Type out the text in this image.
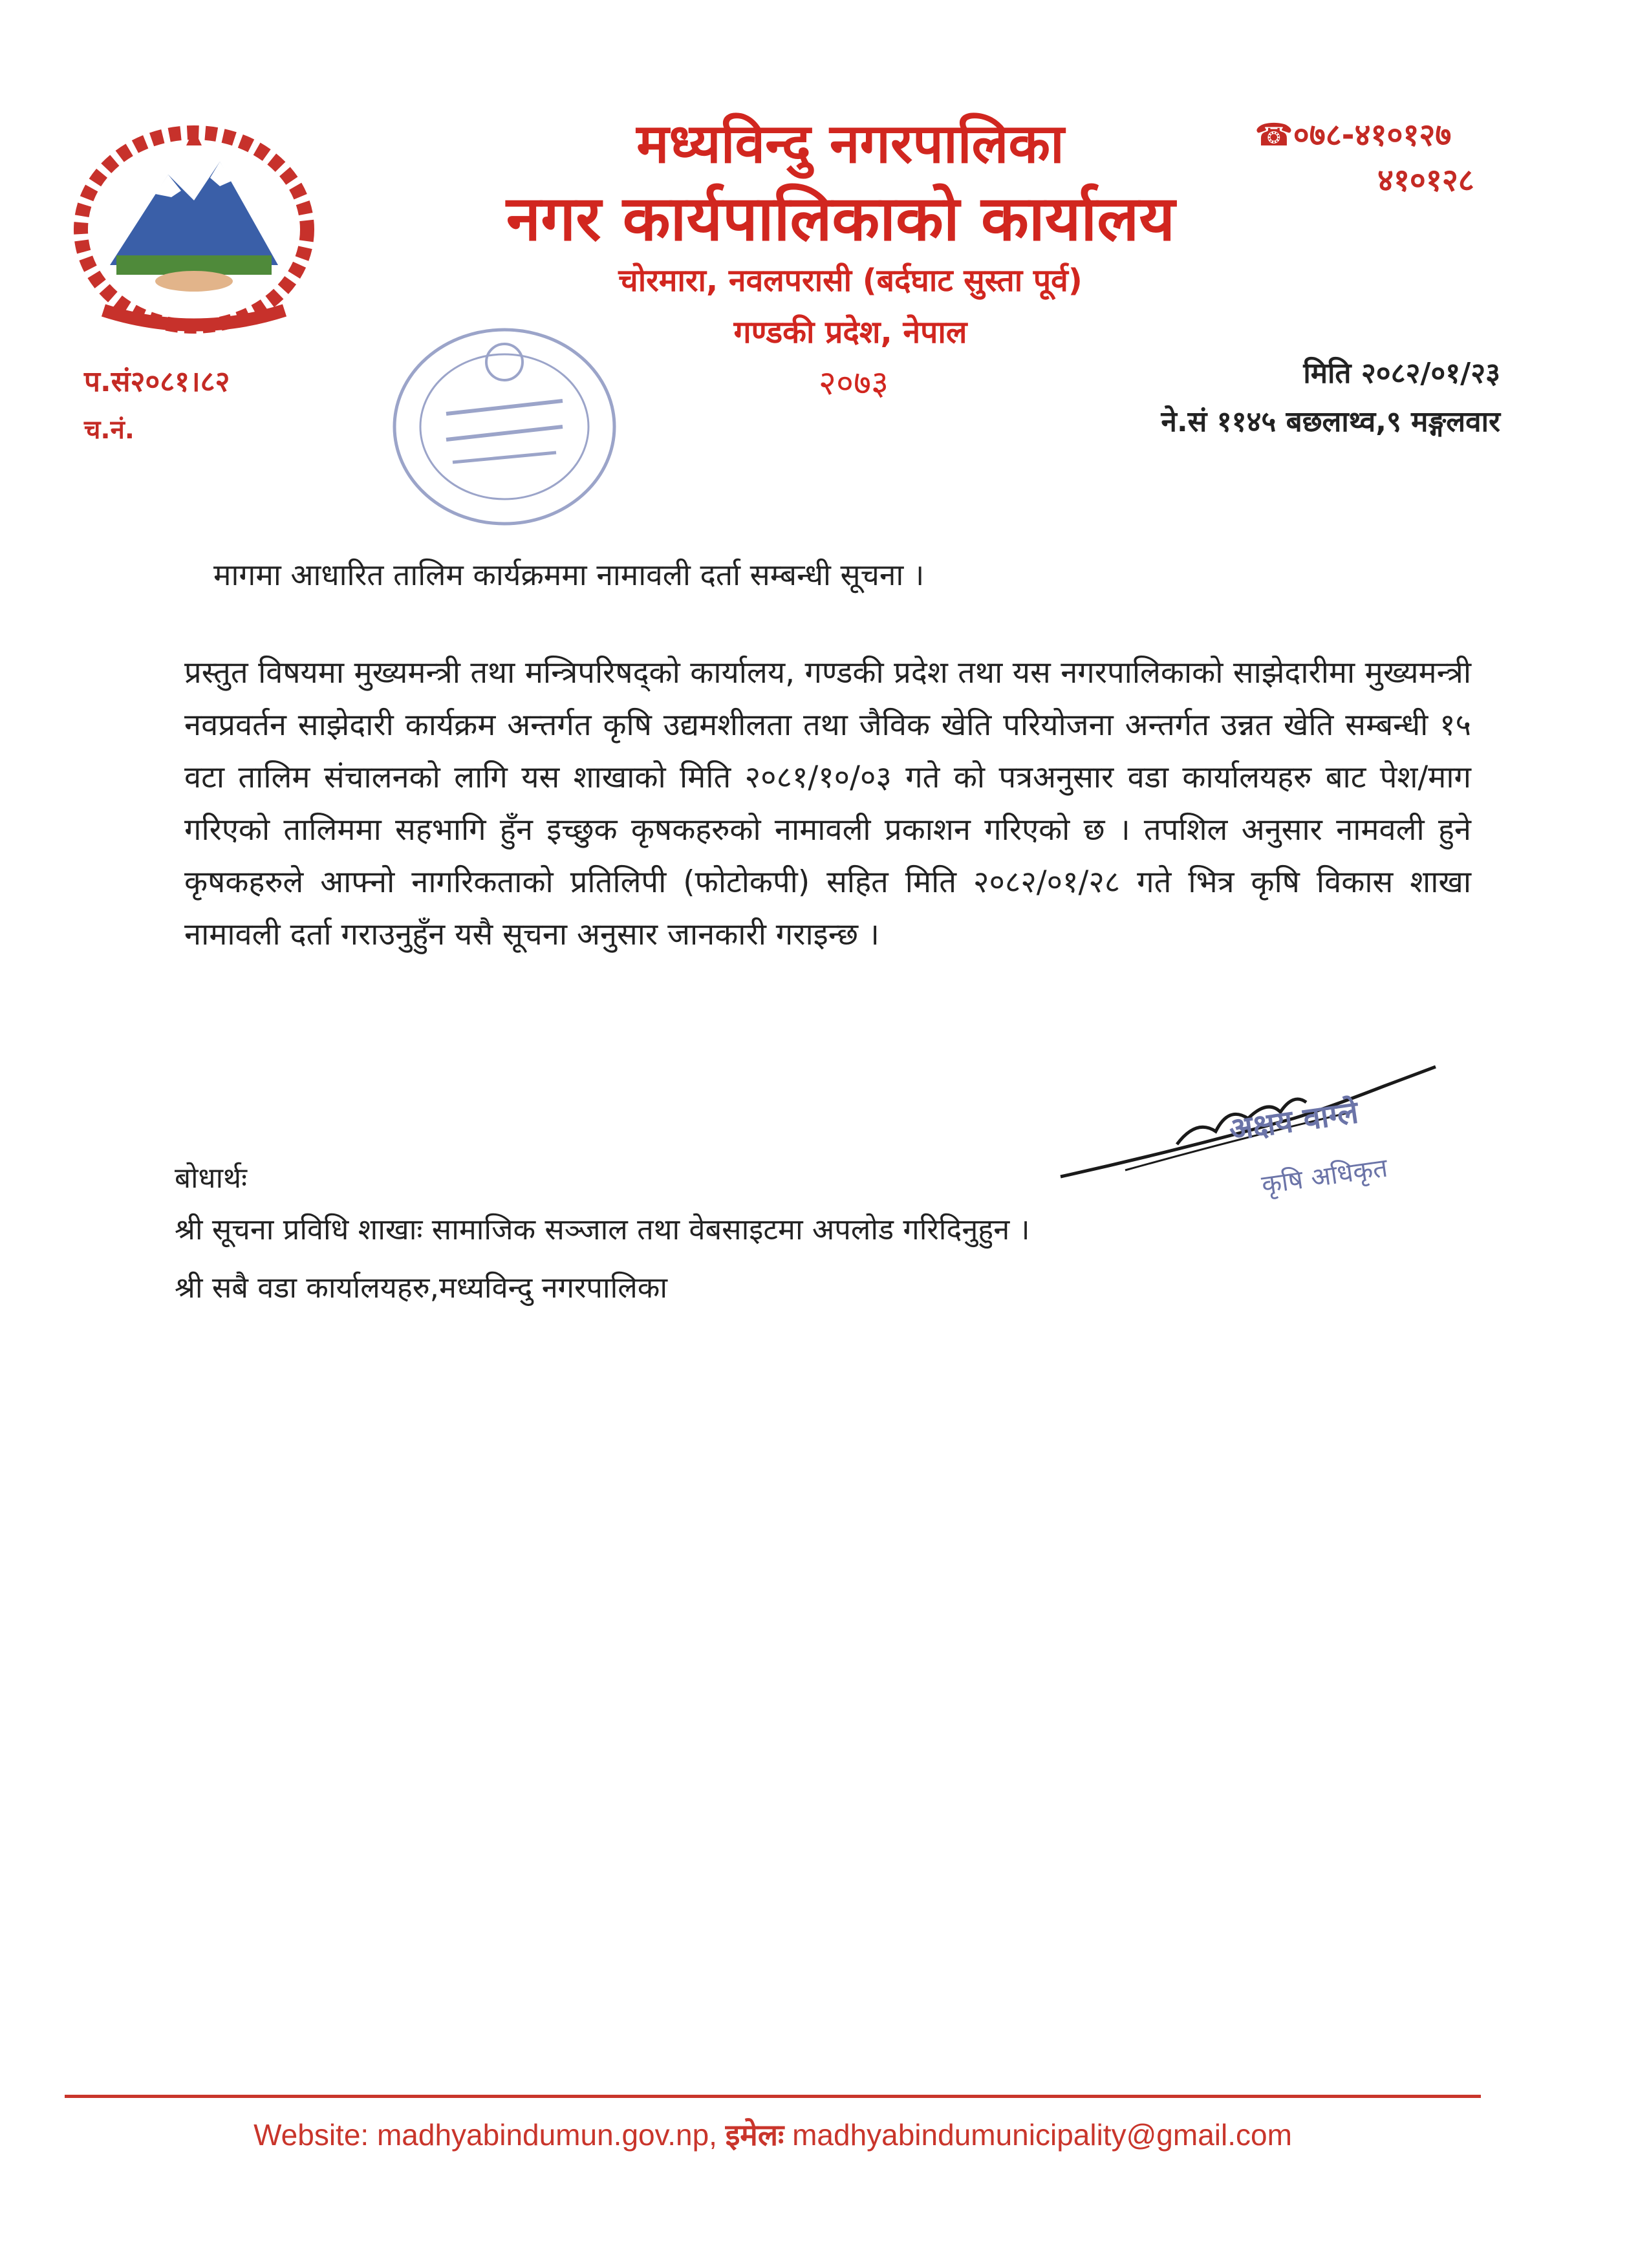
मध्यविन्दु नगरपालिका
नगर कार्यपालिकाको कार्यालय
चोरमारा, नवलपरासी (बर्दघाट सुस्ता पूर्व)
गण्डकी प्रदेश, नेपाल
२०७३
☎०७८-४१०१२७
४१०१२८
प.सं२०८१।८२
च.नं.
मिति २०८२/०१/२३
ने.सं ११४५ बछलाथ्व,९ मङ्गलवार
मागमा आधारित तालिम कार्यक्रममा नामावली दर्ता सम्बन्धी सूचना ।
प्रस्तुत विषयमा मुख्यमन्त्री तथा मन्त्रिपरिषद्को कार्यालय, गण्डकी प्रदेश तथा यस नगरपालिकाको साझेदारीमा मुख्यमन्त्री नवप्रवर्तन साझेदारी कार्यक्रम अन्तर्गत कृषि उद्यमशीलता तथा जैविक खेति परियोजना अन्तर्गत उन्नत खेति सम्बन्धी १५ वटा तालिम संचालनको लागि यस शाखाको मिति २०८१/१०/०३ गते को पत्रअनुसार वडा कार्यालयहरु बाट पेश/माग गरिएको तालिममा सहभागि हुँन इच्छुक कृषकहरुको नामावली प्रकाशन गरिएको छ । तपशिल अनुसार नामवली हुने कृषकहरुले आफ्नो नागरिकताको प्रतिलिपी (फोटोकपी) सहित मिति २०८२/०१/२८ गते भित्र कृषि विकास शाखा नामावली दर्ता गराउनुहुँन यसै सूचना अनुसार जानकारी गराइन्छ ।
अक्षय वाग्ले
कृषि अधिकृत
बोधार्थः
श्री सूचना प्रविधि शाखाः सामाजिक सञ्जाल तथा वेबसाइटमा अपलोड गरिदिनुहुन ।
श्री सबै वडा कार्यालयहरु,मध्यविन्दु नगरपालिका
Website: madhyabindumun.gov.np, इमेलः madhyabindumunicipality@gmail.com
